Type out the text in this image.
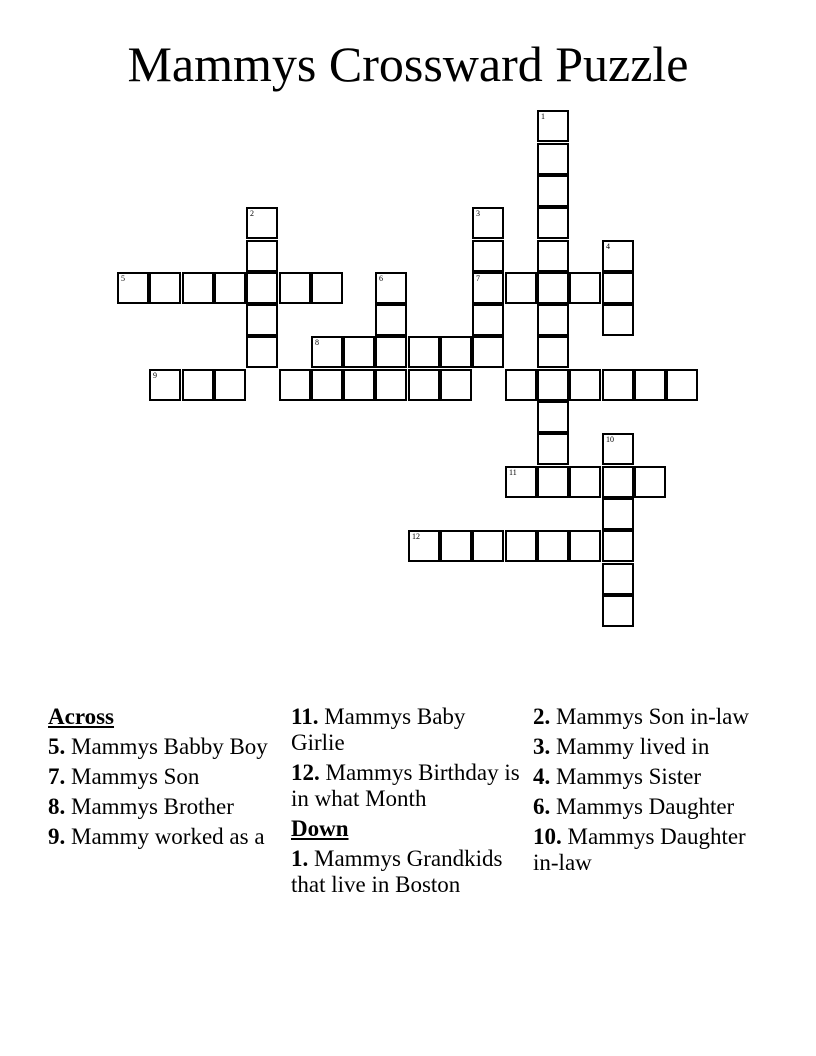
Mammys Crossward Puzzle
1
2	3
7
4
5	6
8
9
10
11
12
Across
5. Mammys Babby Boy
7. Mammys Son
8. Mammys Brother
9. Mammy worked as a
11. Mammys Baby Girlie
12. Mammys Birthday is in what Month
Down
1. Mammys Grandkids that live in Boston
2. Mammys Son in-law
3. Mammy lived in
4. Mammys Sister
6. Mammys Daughter
10. Mammys Daughter in-law
